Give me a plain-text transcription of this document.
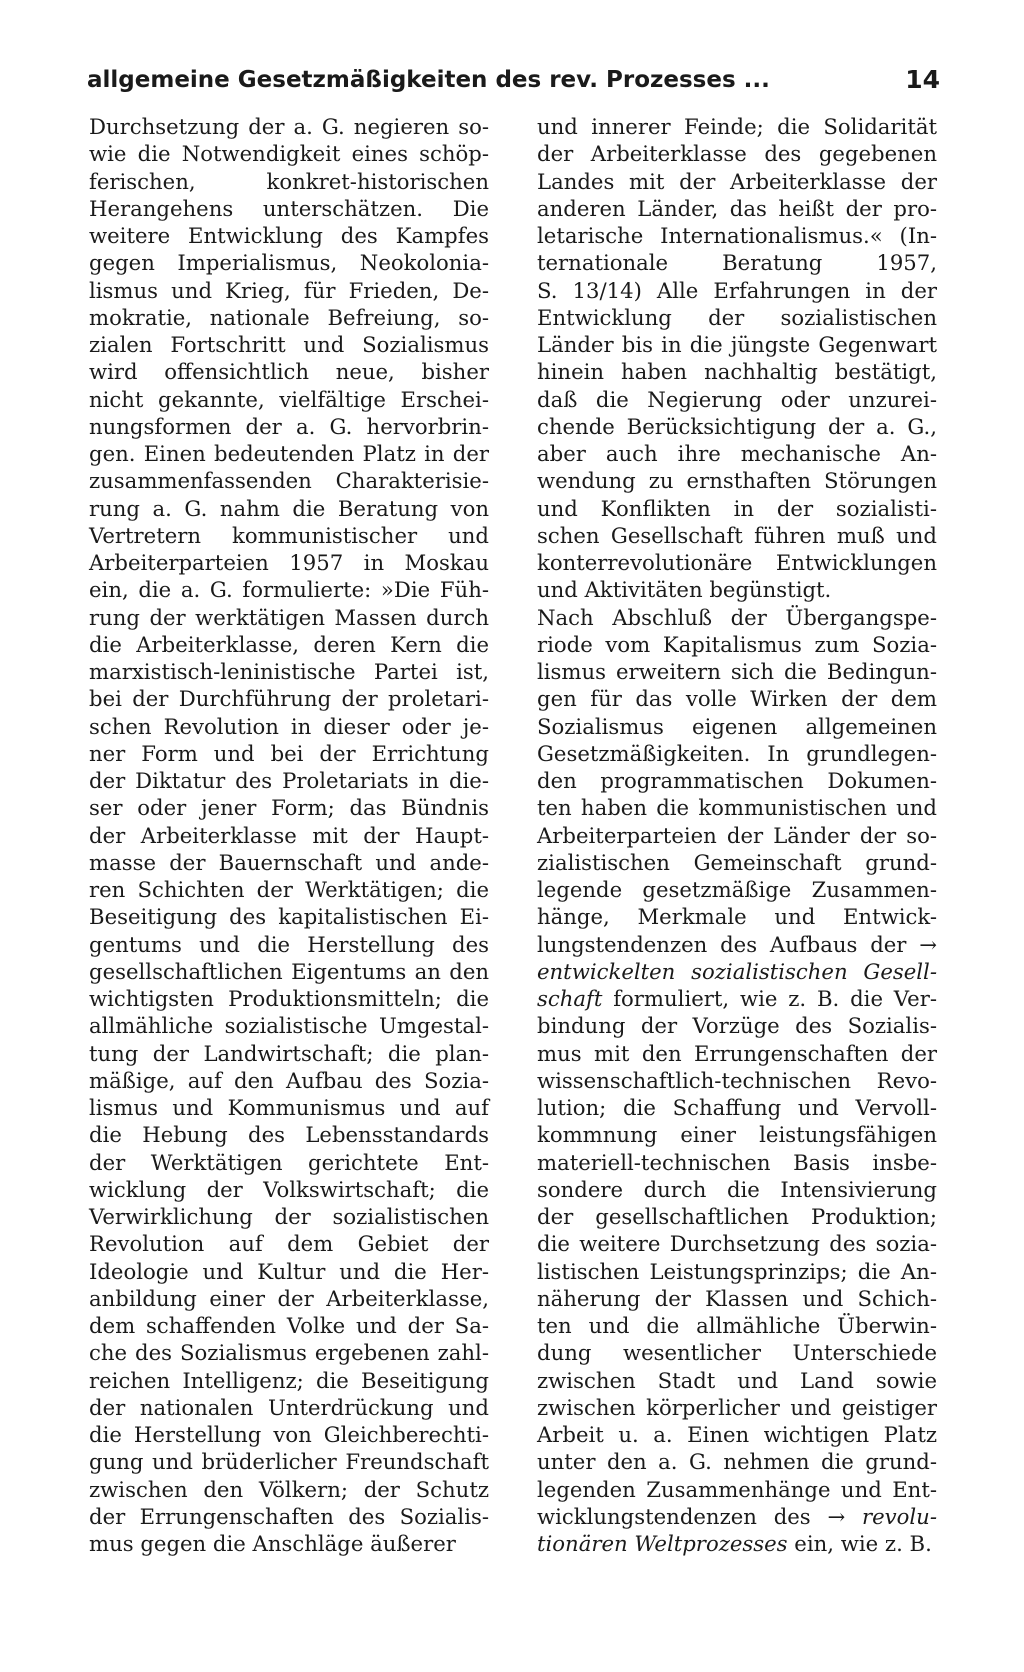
allgemeine Gesetzmäßigkeiten des rev. Prozesses ...	14
Durchsetzung der a. G. negieren so-
wie die Notwendigkeit eines schöp-
ferischen, konkret-historischen
Herangehens unterschätzen. Die
weitere Entwicklung des Kampfes
gegen Imperialismus, Neokolonia-
lismus und Krieg, für Frieden, De-
mokratie, nationale Befreiung, so-
zialen Fortschritt und Sozialismus
wird offensichtlich neue, bisher
nicht gekannte, vielfältige Erschei-
nungsformen der a. G. hervorbrin-
gen. Einen bedeutenden Platz in der
zusammenfassenden Charakterisie-
rung a. G. nahm die Beratung von
Vertretern kommunistischer und
Arbeiterparteien 1957 in Moskau
ein, die a. G. formulierte: »Die Füh-
rung der werktätigen Massen durch
die Arbeiterklasse, deren Kern die
marxistisch-leninistische Partei ist,
bei der Durchführung der proletari-
schen Revolution in dieser oder je-
ner Form und bei der Errichtung
der Diktatur des Proletariats in die-
ser oder jener Form; das Bündnis
der Arbeiterklasse mit der Haupt-
masse der Bauernschaft und ande-
ren Schichten der Werktätigen; die
Beseitigung des kapitalistischen Ei-
gentums und die Herstellung des
gesellschaftlichen Eigentums an den
wichtigsten Produktionsmitteln; die
allmähliche sozialistische Umgestal-
tung der Landwirtschaft; die plan-
mäßige, auf den Aufbau des Sozia-
lismus und Kommunismus und auf
die Hebung des Lebensstandards
der Werktätigen gerichtete Ent-
wicklung der Volkswirtschaft; die
Verwirklichung der sozialistischen
Revolution auf dem Gebiet der
Ideologie und Kultur und die Her-
anbildung einer der Arbeiterklasse,
dem schaffenden Volke und der Sa-
che des Sozialismus ergebenen zahl-
reichen Intelligenz; die Beseitigung
der nationalen Unterdrückung und
die Herstellung von Gleichberechti-
gung und brüderlicher Freundschaft
zwischen den Völkern; der Schutz
der Errungenschaften des Sozialis-
mus gegen die Anschläge äußerer
und innerer Feinde; die Solidarität
der Arbeiterklasse des gegebenen
Landes mit der Arbeiterklasse der
anderen Länder, das heißt der pro-
letarische Internationalismus.« (In-
ternationale Beratung 1957,
S. 13/14) Alle Erfahrungen in der
Entwicklung der sozialistischen
Länder bis in die jüngste Gegenwart
hinein haben nachhaltig bestätigt,
daß die Negierung oder unzurei-
chende Berücksichtigung der a. G.,
aber auch ihre mechanische An-
wendung zu ernsthaften Störungen
und Konflikten in der sozialisti-
schen Gesellschaft führen muß und
konterrevolutionäre Entwicklungen
und Aktivitäten begünstigt.
Nach Abschluß der Übergangspe-
riode vom Kapitalismus zum Sozia-
lismus erweitern sich die Bedingun-
gen für das volle Wirken der dem
Sozialismus eigenen allgemeinen
Gesetzmäßigkeiten. In grundlegen-
den programmatischen Dokumen-
ten haben die kommunistischen und
Arbeiterparteien der Länder der so-
zialistischen Gemeinschaft grund-
legende gesetzmäßige Zusammen-
hänge, Merkmale und Entwick-
lungstendenzen des Aufbaus der →
entwickelten sozialistischen Gesell-
schaft formuliert, wie z. B. die Ver-
bindung der Vorzüge des Sozialis-
mus mit den Errungenschaften der
wissenschaftlich-technischen Revo-
lution; die Schaffung und Vervoll-
kommnung einer leistungsfähigen
materiell-technischen Basis insbe-
sondere durch die Intensivierung
der gesellschaftlichen Produktion;
die weitere Durchsetzung des sozia-
listischen Leistungsprinzips; die An-
näherung der Klassen und Schich-
ten und die allmähliche Überwin-
dung wesentlicher Unterschiede
zwischen Stadt und Land sowie
zwischen körperlicher und geistiger
Arbeit u. a. Einen wichtigen Platz
unter den a. G. nehmen die grund-
legenden Zusammenhänge und Ent-
wicklungstendenzen des → revolu-
tionären Weltprozesses ein, wie z. B.
